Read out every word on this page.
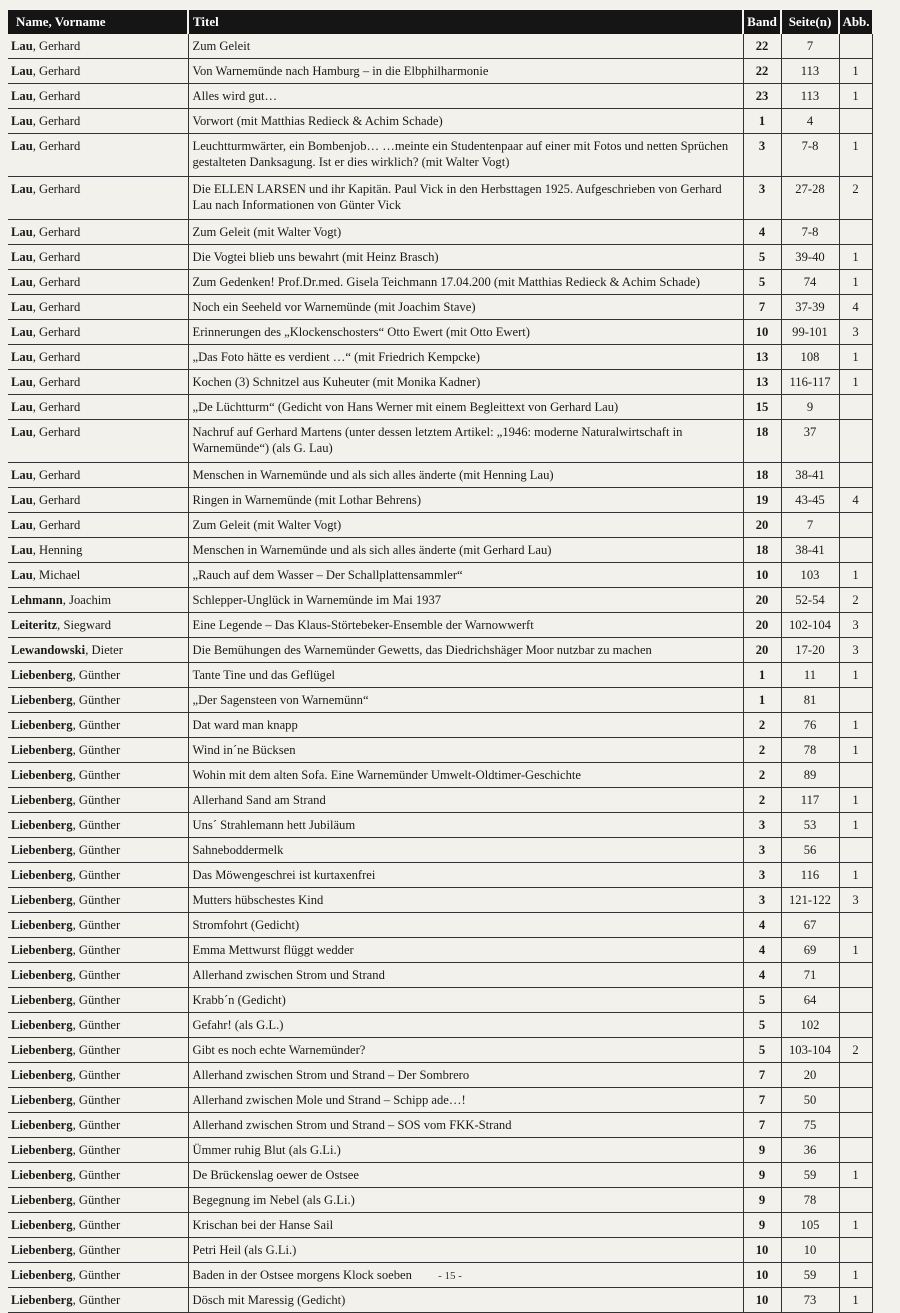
Name, Vorname	Titel	Band	Seite(n)	Abb.
Lau, Gerhard	Zum Geleit	22	7	
Lau, Gerhard	Von Warnemünde nach Hamburg – in die Elbphilharmonie	22	113	1
Lau, Gerhard	Alles wird gut…	23	113	1
Lau, Gerhard	Vorwort (mit Matthias Redieck & Achim Schade)	1	4	
Lau, Gerhard	Leuchtturmwärter, ein Bombenjob… …meinte ein Studentenpaar auf einer mit Fotos und netten Sprüchen gestalteten Danksagung. Ist er dies wirklich? (mit Walter Vogt)	3	7-8	1
Lau, Gerhard	Die ELLEN LARSEN und ihr Kapitän. Paul Vick in den Herbsttagen 1925. Aufgeschrieben von Gerhard Lau nach Informationen von Günter Vick	3	27-28	2
Lau, Gerhard	Zum Geleit (mit Walter Vogt)	4	7-8	
Lau, Gerhard	Die Vogtei blieb uns bewahrt (mit Heinz Brasch)	5	39-40	1
Lau, Gerhard	Zum Gedenken! Prof.Dr.med. Gisela Teichmann 17.04.200 (mit Matthias Redieck & Achim Schade)	5	74	1
Lau, Gerhard	Noch ein Seeheld vor Warnemünde (mit Joachim Stave)	7	37-39	4
Lau, Gerhard	Erinnerungen des „Klockenschosters“ Otto Ewert (mit Otto Ewert)	10	99-101	3
Lau, Gerhard	„Das Foto hätte es verdient …“ (mit Friedrich Kempcke)	13	108	1
Lau, Gerhard	Kochen (3) Schnitzel aus Kuheuter (mit Monika Kadner)	13	116-117	1
Lau, Gerhard	„De Lüchtturm“ (Gedicht von Hans Werner mit einem Begleittext von Gerhard Lau)	15	9	
Lau, Gerhard	Nachruf auf Gerhard Martens (unter dessen letztem Artikel: „1946: moderne Naturalwirtschaft in Warnemünde“) (als G. Lau)	18	37	
Lau, Gerhard	Menschen in Warnemünde und als sich alles änderte (mit Henning Lau)	18	38-41	
Lau, Gerhard	Ringen in Warnemünde (mit Lothar Behrens)	19	43-45	4
Lau, Gerhard	Zum Geleit (mit Walter Vogt)	20	7	
Lau, Henning	Menschen in Warnemünde und als sich alles änderte (mit Gerhard Lau)	18	38-41	
Lau, Michael	„Rauch auf dem Wasser – Der Schallplattensammler“	10	103	1
Lehmann, Joachim	Schlepper-Unglück in Warnemünde im Mai 1937	20	52-54	2
Leiteritz, Siegward	Eine Legende – Das Klaus-Störtebeker-Ensemble der Warnowwerft	20	102-104	3
Lewandowski, Dieter	Die Bemühungen des Warnemünder Gewetts, das Diedrichshäger Moor nutzbar zu machen	20	17-20	3
Liebenberg, Günther	Tante Tine und das Geflügel	1	11	1
Liebenberg, Günther	„Der Sagensteen von Warnemünn“	1	81	
Liebenberg, Günther	Dat ward man knapp	2	76	1
Liebenberg, Günther	Wind in´ne Bücksen	2	78	1
Liebenberg, Günther	Wohin mit dem alten Sofa. Eine Warnemünder Umwelt-Oldtimer-Geschichte	2	89	
Liebenberg, Günther	Allerhand Sand am Strand	2	117	1
Liebenberg, Günther	Uns´ Strahlemann hett Jubiläum	3	53	1
Liebenberg, Günther	Sahneboddermelk	3	56	
Liebenberg, Günther	Das Möwengeschrei ist kurtaxenfrei	3	116	1
Liebenberg, Günther	Mutters hübschestes Kind	3	121-122	3
Liebenberg, Günther	Stromfohrt (Gedicht)	4	67	
Liebenberg, Günther	Emma Mettwurst flüggt wedder	4	69	1
Liebenberg, Günther	Allerhand zwischen Strom und Strand	4	71	
Liebenberg, Günther	Krabb´n (Gedicht)	5	64	
Liebenberg, Günther	Gefahr! (als G.L.)	5	102	
Liebenberg, Günther	Gibt es noch echte Warnemünder?	5	103-104	2
Liebenberg, Günther	Allerhand zwischen Strom und Strand – Der Sombrero	7	20	
Liebenberg, Günther	Allerhand zwischen Mole und Strand – Schipp ade…!	7	50	
Liebenberg, Günther	Allerhand zwischen Strom und Strand – SOS vom FKK-Strand	7	75	
Liebenberg, Günther	Ümmer ruhig Blut (als G.Li.)	9	36	
Liebenberg, Günther	De Brückenslag oewer de Ostsee	9	59	1
Liebenberg, Günther	Begegnung im Nebel (als G.Li.)	9	78	
Liebenberg, Günther	Krischan bei der Hanse Sail	9	105	1
Liebenberg, Günther	Petri Heil (als G.Li.)	10	10	
Liebenberg, Günther	Baden in der Ostsee morgens Klock soeben	10	59	1
Liebenberg, Günther	Dösch mit Maressig (Gedicht)	10	73	1
- 15 -
